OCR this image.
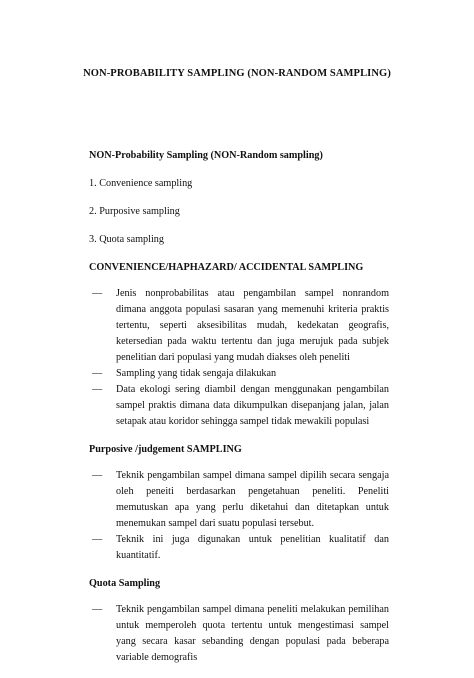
NON-PROBABILITY SAMPLING (NON-RANDOM SAMPLING)

NON-Probability Sampling (NON-Random sampling)

1. Convenience sampling

2. Purposive sampling

3. Quota sampling

CONVENIENCE/HAPHAZARD/ ACCIDENTAL SAMPLING

—	Jenis nonprobabilitas atau pengambilan sampel nonrandom dimana anggota populasi sasaran yang memenuhi kriteria praktis tertentu, seperti aksesibilitas mudah, kedekatan geografis, ketersedian pada waktu tertentu dan juga merujuk pada subjek penelitian dari populasi yang mudah diakses oleh peneliti
—	Sampling yang tidak sengaja dilakukan
—	Data ekologi sering diambil dengan menggunakan pengambilan sampel praktis dimana data dikumpulkan disepanjang jalan, jalan setapak atau koridor sehingga sampel tidak mewakili populasi

Purposive /judgement SAMPLING

—	Teknik pengambilan sampel dimana sampel dipilih secara sengaja oleh peneiti berdasarkan pengetahuan peneliti. Peneliti memutuskan apa yang perlu diketahui dan ditetapkan untuk menemukan sampel dari suatu populasi tersebut.
—	Teknik ini juga digunakan untuk penelitian kualitatif dan kuantitatif.

Quota Sampling

—	Teknik pengambilan sampel dimana peneliti melakukan pemilihan untuk memperoleh quota tertentu untuk mengestimasi sampel yang secara kasar sebanding dengan populasi pada beberapa variable demografis
